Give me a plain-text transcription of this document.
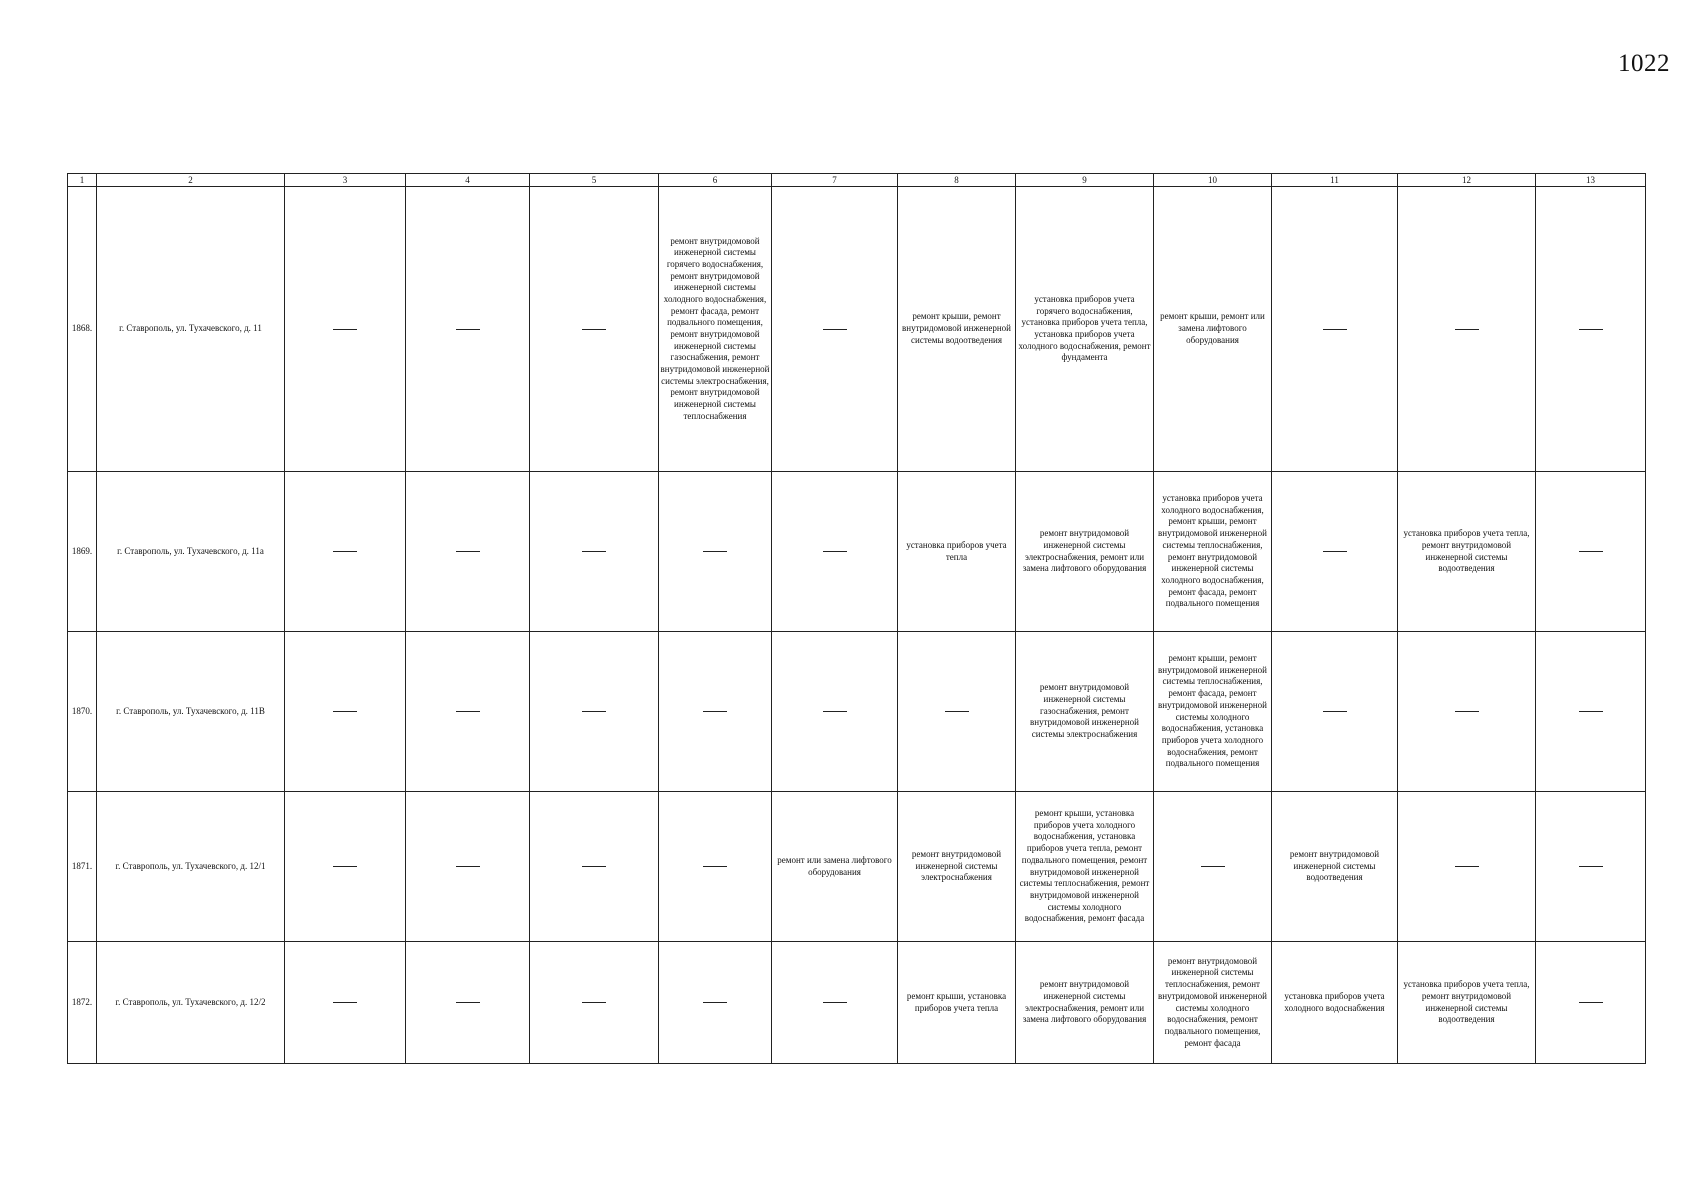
1022
1	2	3	4	5	6	7	8	9	10	11	12	13
1868.	г. Ставрополь, ул. Тухачевского, д. 11				ремонт внутридомовой инженерной системы горячего водоснабжения, ремонт внутридомовой инженерной системы холодного водоснабжения, ремонт фасада, ремонт подвального помещения, ремонт внутридомовой инженерной системы газоснабжения, ремонт внутридомовой инженерной системы электроснабжения, ремонт внутридомовой инженерной системы теплоснабжения		ремонт крыши, ремонт внутридомовой инженерной системы водоотведения	установка приборов учета горячего водоснабжения, установка приборов учета тепла, установка приборов учета холодного водоснабжения, ремонт фундамента	ремонт крыши, ремонт или замена лифтового оборудования			
1869.	г. Ставрополь, ул. Тухачевского, д. 11а						установка приборов учета тепла	ремонт внутридомовой инженерной системы электроснабжения, ремонт или замена лифтового оборудования	установка приборов учета холодного водоснабжения, ремонт крыши, ремонт внутридомовой инженерной системы теплоснабжения, ремонт внутридомовой инженерной системы холодного водоснабжения, ремонт фасада, ремонт подвального помещения		установка приборов учета тепла, ремонт внутридомовой инженерной системы водоотведения	
1870.	г. Ставрополь, ул. Тухачевского, д. 11В							ремонт внутридомовой инженерной системы газоснабжения, ремонт внутридомовой инженерной системы электроснабжения	ремонт крыши, ремонт внутридомовой инженерной системы теплоснабжения, ремонт фасада, ремонт внутридомовой инженерной системы холодного водоснабжения, установка приборов учета холодного водоснабжения, ремонт подвального помещения			
1871.	г. Ставрополь, ул. Тухачевского, д. 12/1					ремонт или замена лифтового оборудования	ремонт внутридомовой инженерной системы электроснабжения	ремонт крыши, установка приборов учета холодного водоснабжения, установка приборов учета тепла, ремонт подвального помещения, ремонт внутридомовой инженерной системы теплоснабжения, ремонт внутридомовой инженерной системы холодного водоснабжения, ремонт фасада		ремонт внутридомовой инженерной системы водоотведения		
1872.	г. Ставрополь, ул. Тухачевского, д. 12/2						ремонт крыши, установка приборов учета тепла	ремонт внутридомовой инженерной системы электроснабжения, ремонт или замена лифтового оборудования	ремонт внутридомовой инженерной системы теплоснабжения, ремонт внутридомовой инженерной системы холодного водоснабжения, ремонт подвального помещения, ремонт фасада	установка приборов учета холодного водоснабжения	установка приборов учета тепла, ремонт внутридомовой инженерной системы водоотведения	
